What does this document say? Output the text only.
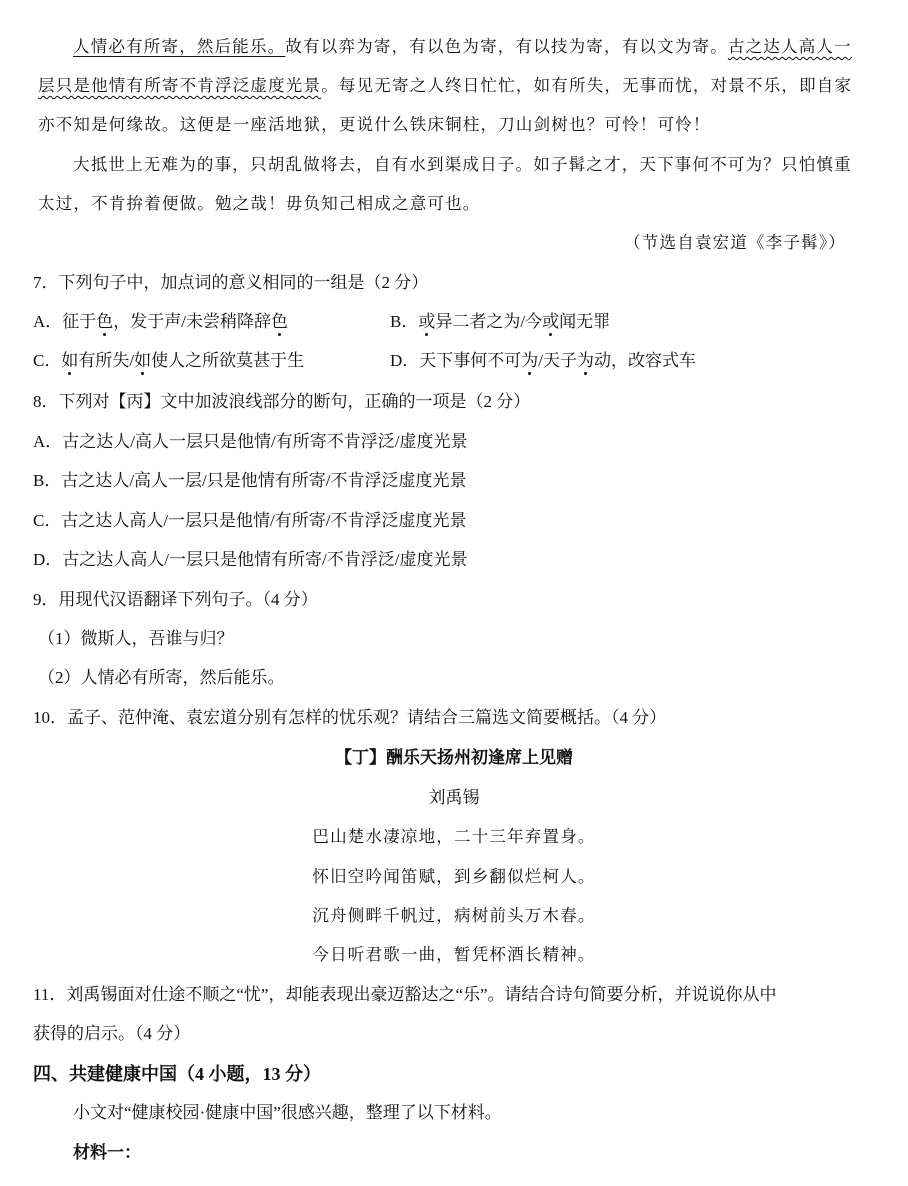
人情必有所寄，然后能乐。故有以弈为寄，有以色为寄，有以技为寄，有以文为寄。古之达人高人一
层只是他情有所寄不肯浮泛虚度光景。每见无寄之人终日忙忙，如有所失，无事而忧，对景不乐，即自家
亦不知是何缘故。这便是一座活地狱，更说什么铁床铜柱，刀山剑树也？可怜！可怜！
大抵世上无难为的事，只胡乱做将去，自有水到渠成日子。如子髯之才，天下事何不可为？只怕慎重
太过，不肯拚着便做。勉之哉！毋负知己相成之意可也。
（节选自袁宏道《李子髯》）
7．下列句子中，加点词的意义相同的一组是（2 分）
A．征于色，发于声/未尝稍降辞色	B．或异二者之为/今或闻无罪
C．如有所失/如使人之所欲莫甚于生	D．天下事何不可为/天子为动，改容式车
8．下列对【丙】文中加波浪线部分的断句，正确的一项是（2 分）
A．古之达人/高人一层只是他情/有所寄不肯浮泛/虚度光景
B．古之达人/高人一层/只是他情有所寄/不肯浮泛虚度光景
C．古之达人高人/一层只是他情/有所寄/不肯浮泛虚度光景
D．古之达人高人/一层只是他情有所寄/不肯浮泛/虚度光景
9．用现代汉语翻译下列句子。（4 分）
（1）微斯人，吾谁与归？
（2）人情必有所寄，然后能乐。
10．孟子、范仲淹、袁宏道分别有怎样的忧乐观？请结合三篇选文简要概括。（4 分）
【丁】酬乐天扬州初逢席上见赠
刘禹锡
巴山楚水凄凉地，二十三年弃置身。
怀旧空吟闻笛赋，到乡翻似烂柯人。
沉舟侧畔千帆过，病树前头万木春。
今日听君歌一曲，暂凭杯酒长精神。
11．刘禹锡面对仕途不顺之“忧”，却能表现出豪迈豁达之“乐”。请结合诗句简要分析，并说说你从中
获得的启示。（4 分）
四、共建健康中国（4 小题，13 分）
小文对“健康校园·健康中国”很感兴趣，整理了以下材料。
材料一：
